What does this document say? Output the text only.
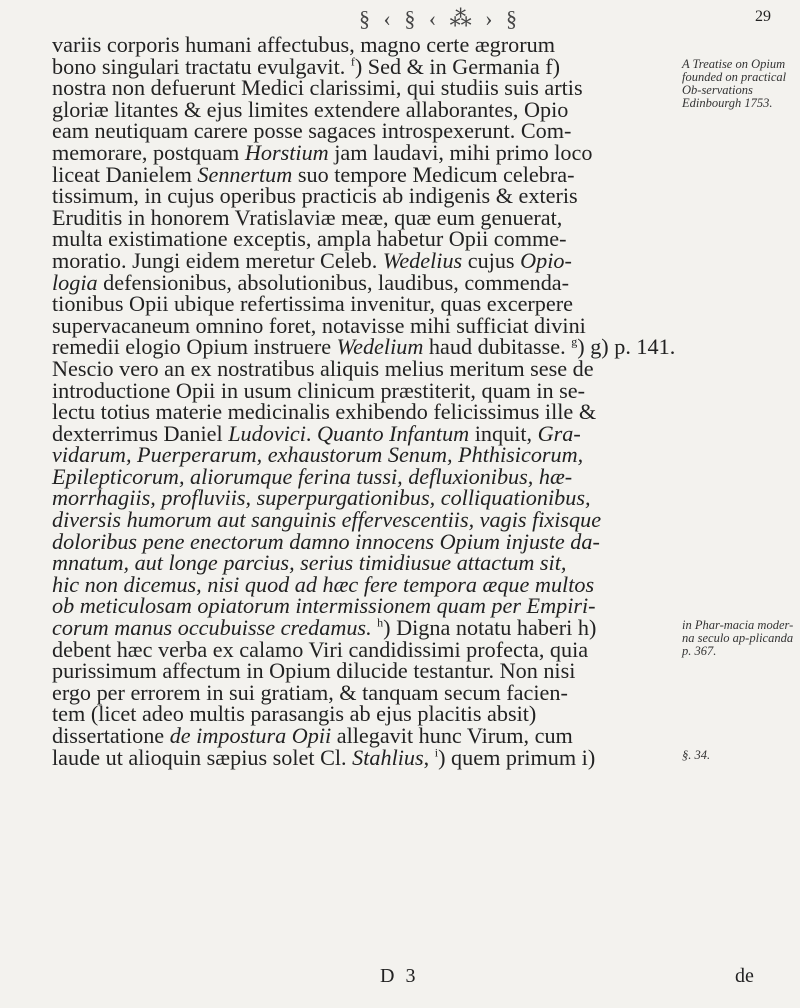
§ ‹ § ‹ ⁂ › §	29
variis corporis humani affectubus, magno certe ægrorum
bono singulari tractatu evulgavit. $^f$) Sed & in Germania f)
nostra non defuerunt Medici clarissimi, qui studiis suis artis
gloriæ litantes & ejus limites extendere allaborantes, Opio
eam neutiquam carere posse sagaces introspexerunt. Com-
memorare, postquam Horstium jam laudavi, mihi primo loco
liceat Danielem Sennertum suo tempore Medicum celebra-
tissimum, in cujus operibus practicis ab indigenis & exteris
Eruditis in honorem Vratislaviæ meæ, quæ eum genuerat,
multa existimatione exceptis, ampla habetur Opii comme-
moratio. Jungi eidem meretur Celeb. Wedelius cujus Opio-
logia defensionibus, absolutionibus, laudibus, commenda-
tionibus Opii ubique refertissima invenitur, quas excerpere
supervacaneum omnino foret, notavisse mihi sufficiat divini
remedii elogio Opium instruere Wedelium haud dubitasse. $^g$) g) p. 141.
Nescio vero an ex nostratibus aliquis melius meritum sese de
introductione Opii in usum clinicum præstiterit, quam in se-
lectu totius materie medicinalis exhibendo felicissimus ille &
dexterrimus Daniel Ludovici. Quanto Infantum inquit, Gra-
vidarum, Puerperarum, exhaustorum Senum, Phthisicorum,
Epilepticorum, aliorumque ferina tussi, defluxionibus, hæ-
morrhagiis, profluviis, superpurgationibus, colliquationibus,
diversis humorum aut sanguinis effervescentiis, vagis fixisque
doloribus pene enectorum damno innocens Opium injuste da-
mnatum, aut longe parcius, serius timidiusue attactum sit,
hic non dicemus, nisi quod ad hæc fere tempora æque multos
ob meticulosam opiatorum intermissionem quam per Empiri-
corum manus occubuisse credamus. $^h$) Digna notatu haberi h)
debent hæc verba ex calamo Viri candidissimi profecta, quia
purissimum affectum in Opium dilucide testantur. Non nisi
ergo per errorem in sui gratiam, & tanquam secum facien-
tem (licet adeo multis parasangis ab ejus placitis absit)
dissertatione de impostura Opii allegavit hunc Virum, cum
laude ut alioquin sæpius solet Cl. Stahlius, $^i$) quem primum i)
A Treatise on Opium founded on practical Ob-servations Edinbourgh 1753.
in Phar-macia moder-na seculo ap-plicanda p. 367.
§. 34.
D 3	de
